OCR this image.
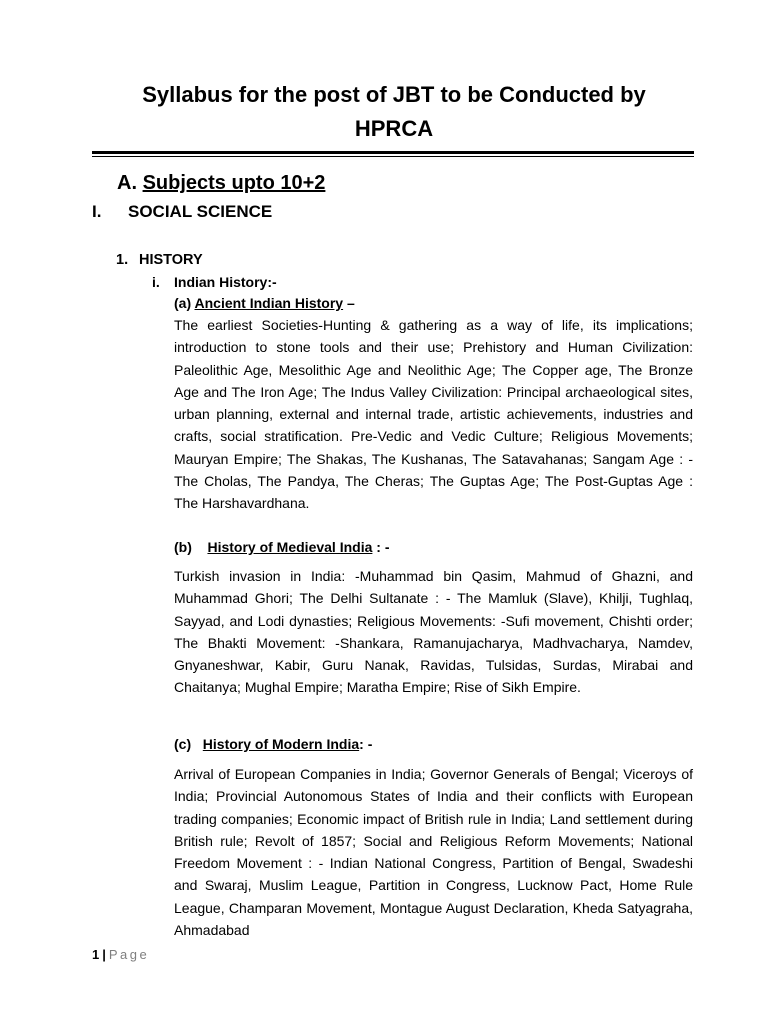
Syllabus for the post of JBT to be Conducted by
HPRCA
A. Subjects upto 10+2
I. SOCIAL SCIENCE
1. HISTORY
i. Indian History:-
(a) Ancient Indian History –

The earliest Societies-Hunting & gathering as a way of life, its implications; introduction to stone tools and their use; Prehistory and Human Civilization: Paleolithic Age, Mesolithic Age and Neolithic Age; The Copper age, The Bronze Age and The Iron Age; The Indus Valley Civilization: Principal archaeological sites, urban planning, external and internal trade, artistic achievements, industries and crafts, social stratification. Pre-Vedic and Vedic Culture; Religious Movements; Mauryan Empire; The Shakas, The Kushanas, The Satavahanas; Sangam Age : - The Cholas, The Pandya, The Cheras; The Guptas Age; The Post-Guptas Age : The Harshavardhana.

(b) History of Medieval India : -

Turkish invasion in India: -Muhammad bin Qasim, Mahmud of Ghazni, and Muhammad Ghori; The Delhi Sultanate : - The Mamluk (Slave), Khilji, Tughlaq, Sayyad, and Lodi dynasties; Religious Movements: -Sufi movement, Chishti order; The Bhakti Movement: -Shankara, Ramanujacharya, Madhvacharya, Namdev, Gnyaneshwar, Kabir, Guru Nanak, Ravidas, Tulsidas, Surdas, Mirabai and Chaitanya; Mughal Empire; Maratha Empire; Rise of Sikh Empire.

(c) History of Modern India: -

Arrival of European Companies in India; Governor Generals of Bengal; Viceroys of India; Provincial Autonomous States of India and their conflicts with European trading companies; Economic impact of British rule in India; Land settlement during British rule; Revolt of 1857; Social and Religious Reform Movements; National Freedom Movement : - Indian National Congress, Partition of Bengal, Swadeshi and Swaraj, Muslim League, Partition in Congress, Lucknow Pact, Home Rule League, Champaran Movement, Montague August Declaration, Kheda Satyagraha, Ahmadabad

1 | Page
